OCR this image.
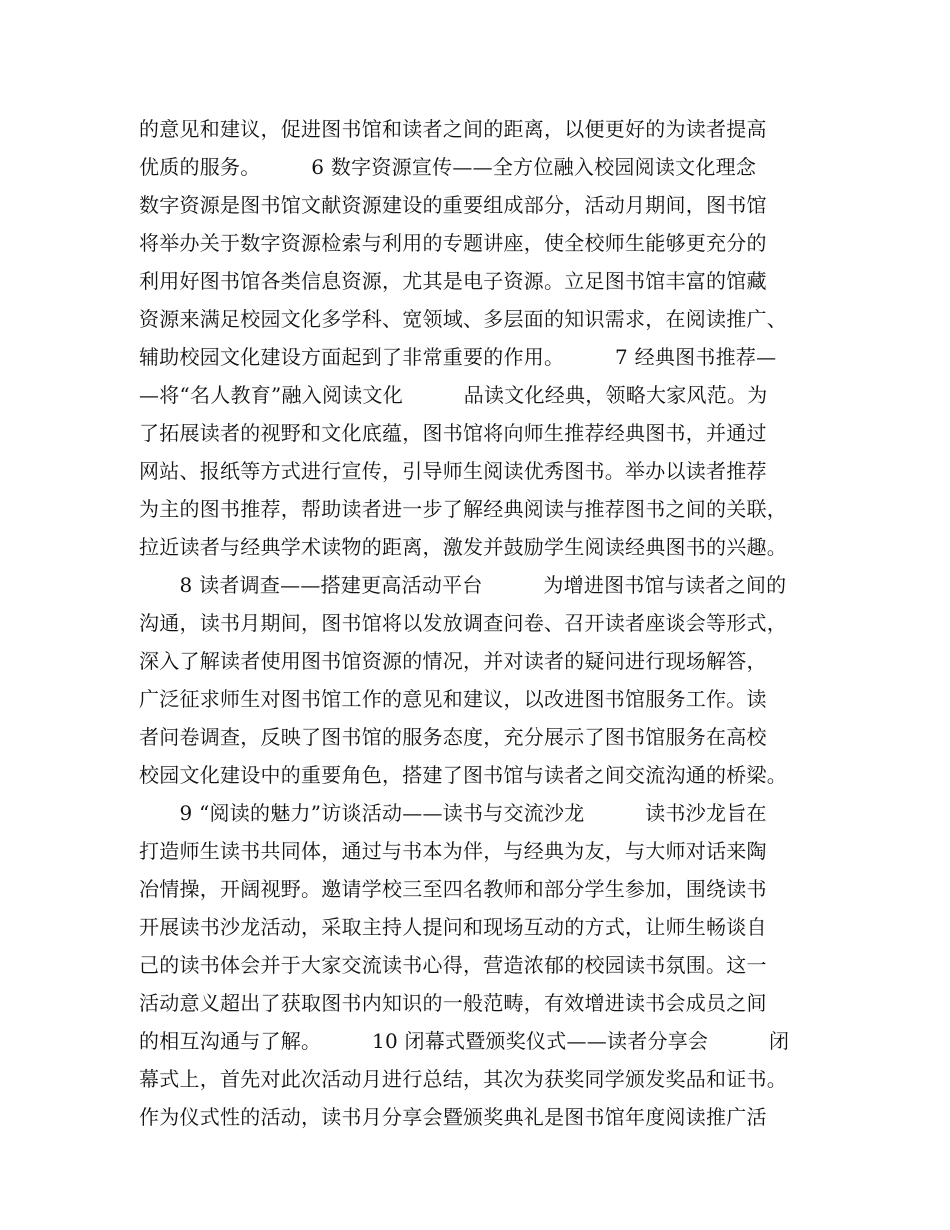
的意见和建议，促进图书馆和读者之间的距离，以便更好的为读者提高
优质的服务。　　　6 数字资源宣传——全方位融入校园阅读文化理念
数字资源是图书馆文献资源建设的重要组成部分，活动月期间，图书馆
将举办关于数字资源检索与利用的专题讲座，使全校师生能够更充分的
利用好图书馆各类信息资源，尤其是电子资源。立足图书馆丰富的馆藏
资源来满足校园文化多学科、宽领域、多层面的知识需求，在阅读推广、
辅助校园文化建设方面起到了非常重要的作用。　　　7 经典图书推荐—
—将“名人教育”融入阅读文化　　　品读文化经典，领略大家风范。为
了拓展读者的视野和文化底蕴，图书馆将向师生推荐经典图书，并通过
网站、报纸等方式进行宣传，引导师生阅读优秀图书。举办以读者推荐
为主的图书推荐，帮助读者进一步了解经典阅读与推荐图书之间的关联，
拉近读者与经典学术读物的距离，激发并鼓励学生阅读经典图书的兴趣。
　　8 读者调查——搭建更高活动平台　　　为增进图书馆与读者之间的
沟通，读书月期间，图书馆将以发放调查问卷、召开读者座谈会等形式，
深入了解读者使用图书馆资源的情况，并对读者的疑问进行现场解答，
广泛征求师生对图书馆工作的意见和建议，以改进图书馆服务工作。读
者问卷调查，反映了图书馆的服务态度，充分展示了图书馆服务在高校
校园文化建设中的重要角色，搭建了图书馆与读者之间交流沟通的桥梁。
　　9 “阅读的魅力”访谈活动——读书与交流沙龙　　　读书沙龙旨在
打造师生读书共同体，通过与书本为伴，与经典为友，与大师对话来陶
冶情操，开阔视野。邀请学校三至四名教师和部分学生参加，围绕读书
开展读书沙龙活动，采取主持人提问和现场互动的方式，让师生畅谈自
己的读书体会并于大家交流读书心得，营造浓郁的校园读书氛围。这一
活动意义超出了获取图书内知识的一般范畴，有效增进读书会成员之间
的相互沟通与了解。　　　10 闭幕式暨颁奖仪式——读者分享会　　　闭
幕式上，首先对此次活动月进行总结，其次为获奖同学颁发奖品和证书。
作为仪式性的活动，读书月分享会暨颁奖典礼是图书馆年度阅读推广活
